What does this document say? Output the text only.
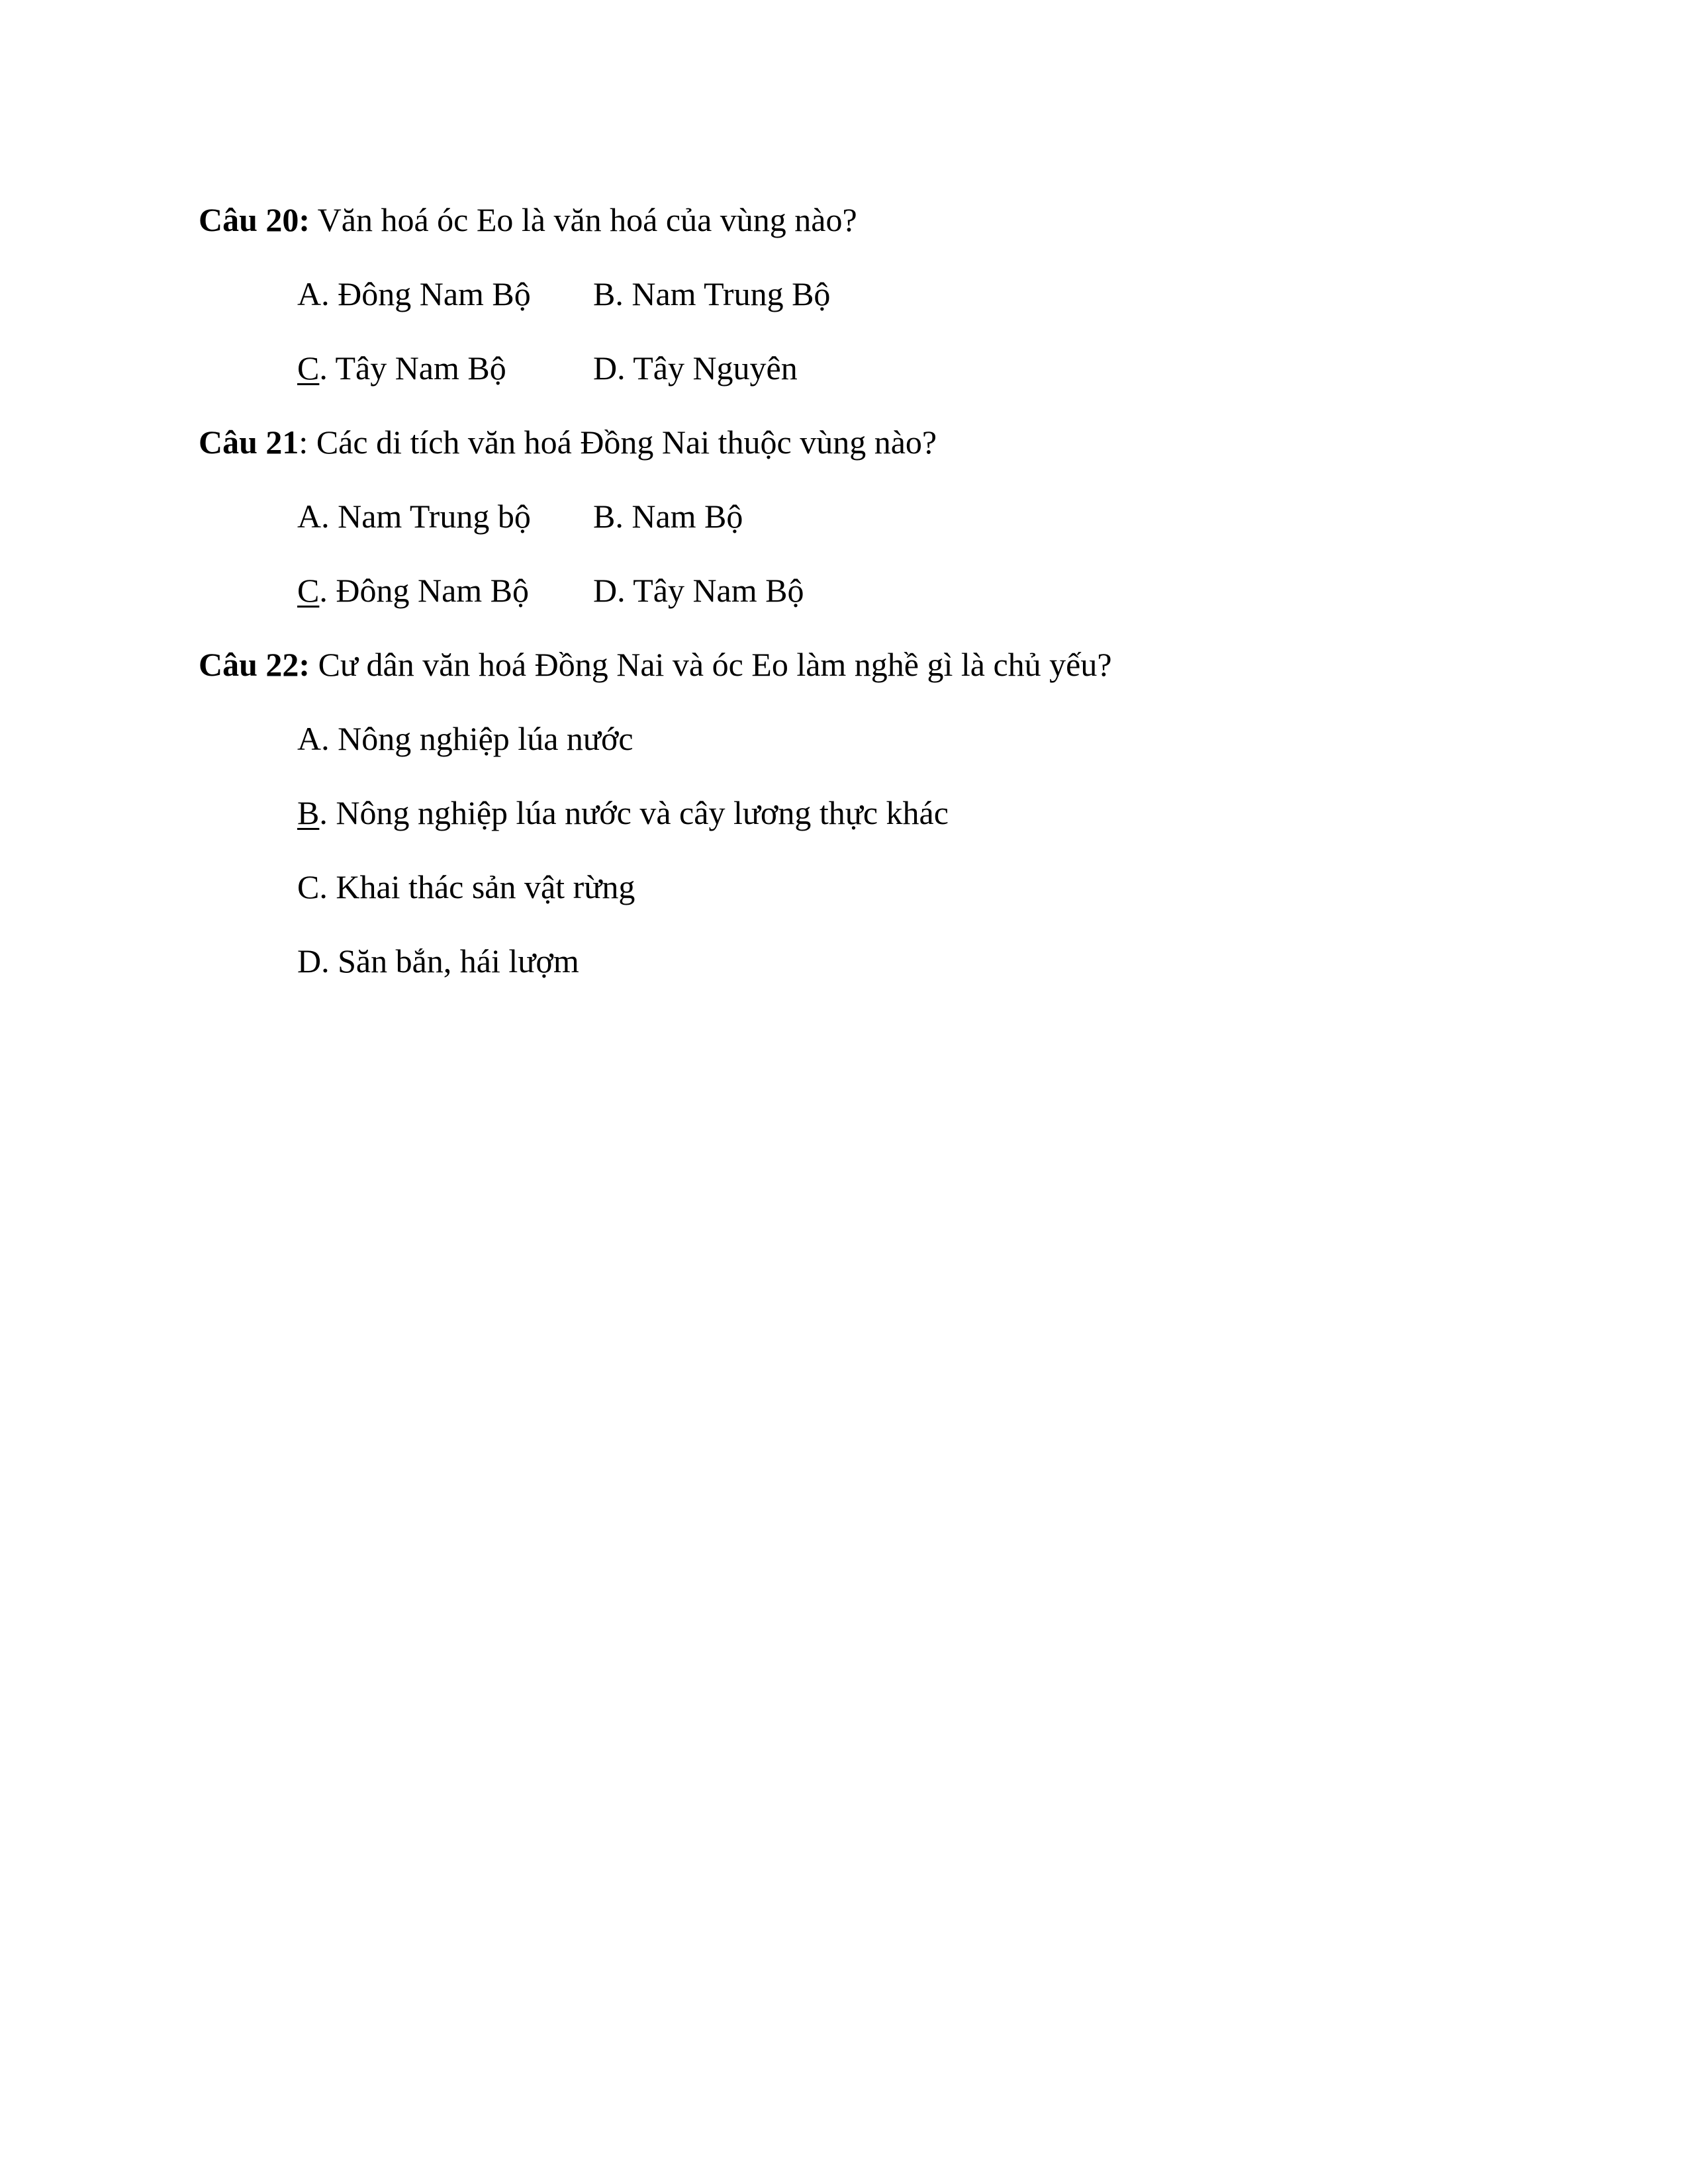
Câu 20: Văn hoá óc Eo là văn hoá của vùng nào?
A. Đông Nam Bộ B. Nam Trung Bộ
C. Tây Nam Bộ	D. Tây Nguyên
Câu 21: Các di tích văn hoá Đồng Nai thuộc vùng nào?
A. Nam Trung bộ B. Nam Bộ
C. Đông Nam Bộ D. Tây Nam Bộ
Câu 22: Cư dân văn hoá Đồng Nai và óc Eo làm nghề gì là chủ yếu?
A. Nông nghiệp lúa nước
B. Nông nghiệp lúa nước và cây lương thực khác
C. Khai thác sản vật rừng
D. Săn bắn, hái lượm
